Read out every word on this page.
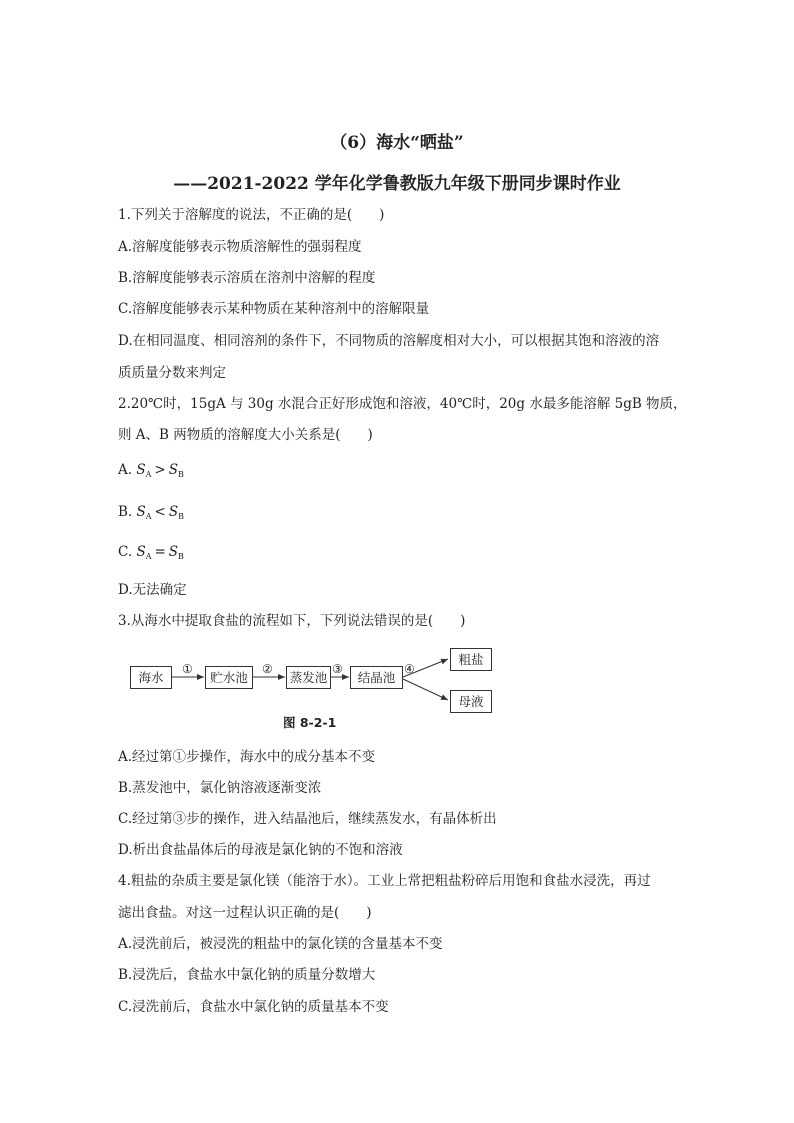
（6）海水“晒盐”
——2021-2022 学年化学鲁教版九年级下册同步课时作业
1.下列关于溶解度的说法，不正确的是(　　)
A.溶解度能够表示物质溶解性的强弱程度
B.溶解度能够表示溶质在溶剂中溶解的程度
C.溶解度能够表示某种物质在某种溶剂中的溶解限量
D.在相同温度、相同溶剂的条件下，不同物质的溶解度相对大小，可以根据其饱和溶液的溶
质质量分数来判定
2.20℃时，15gA 与 30g 水混合正好形成饱和溶液，40℃时，20g 水最多能溶解 5gB 物质，
则 A、B 两物质的溶解度大小关系是(　　)
A. $S_A > S_B$
B. $S_A < S_B$
C. $S_A = S_B$
D.无法确定
3.从海水中提取食盐的流程如下，下列说法错误的是(　　)
海水	贮水池	蒸发池	结晶池
粗盐
母液
①	②	③	④
图 8-2-1
A.经过第①步操作，海水中的成分基本不变
B.蒸发池中，氯化钠溶液逐渐变浓
C.经过第③步的操作，进入结晶池后，继续蒸发水，有晶体析出
D.析出食盐晶体后的母液是氯化钠的不饱和溶液
4.粗盐的杂质主要是氯化镁（能溶于水）。工业上常把粗盐粉碎后用饱和食盐水浸洗，再过
滤出食盐。对这一过程认识正确的是(　　)
A.浸洗前后，被浸洗的粗盐中的氯化镁的含量基本不变
B.浸洗后，食盐水中氯化钠的质量分数增大
C.浸洗前后，食盐水中氯化钠的质量基本不变
